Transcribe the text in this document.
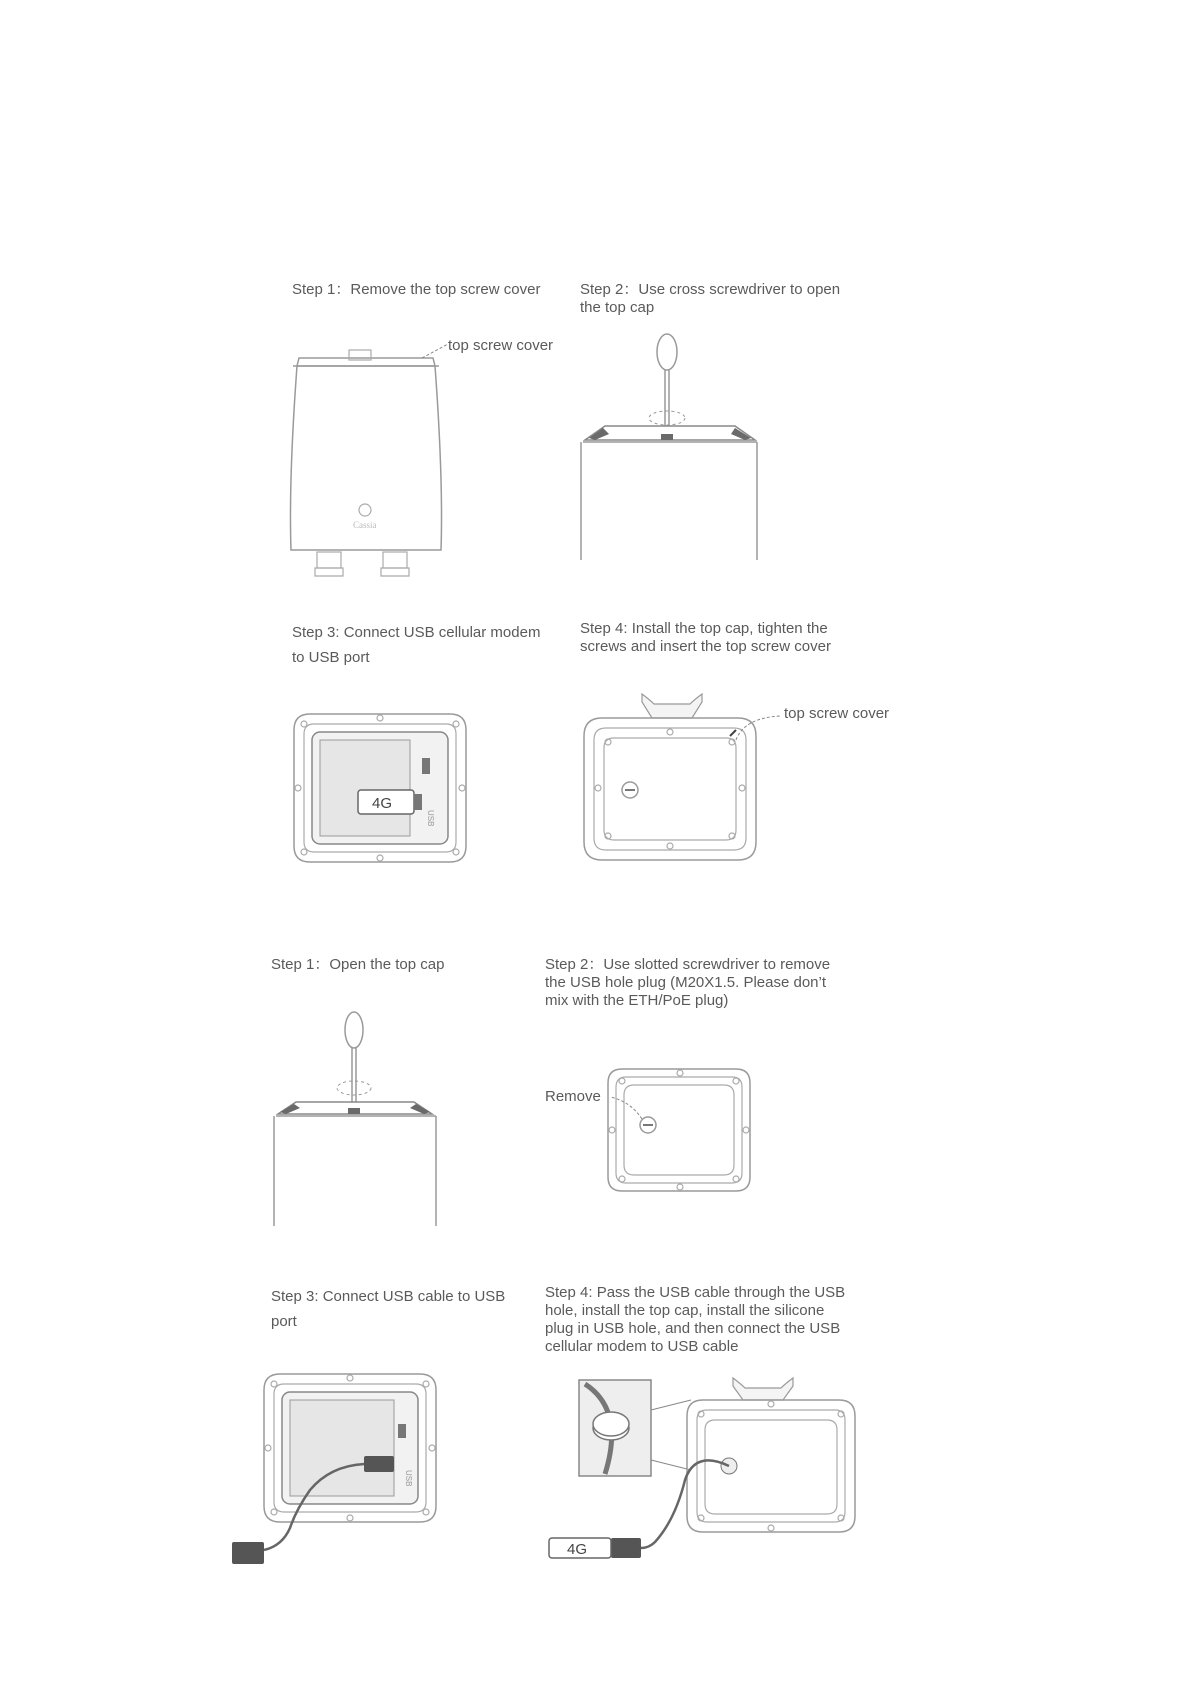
Step 1：Remove the top screw cover	Step 2：Use cross screwdriver to open
the top cap
Cassia
top screw cover
Step 3: Connect USB cellular modem
to USB port
Step 4: Install the top cap, tighten the
screws and insert the top screw cover
USB
4G
top screw cover
Step 1：Open the top cap	Step 2：Use slotted screwdriver to remove
the USB hole plug (M20X1.5. Please don’t
mix with the ETH/PoE plug)
Remove
Step 3: Connect USB cable to USB
port
Step 4: Pass the USB cable through the USB
hole, install the top cap, install the silicone
plug in USB hole, and then connect the USB
cellular modem to USB cable
USB
4G
